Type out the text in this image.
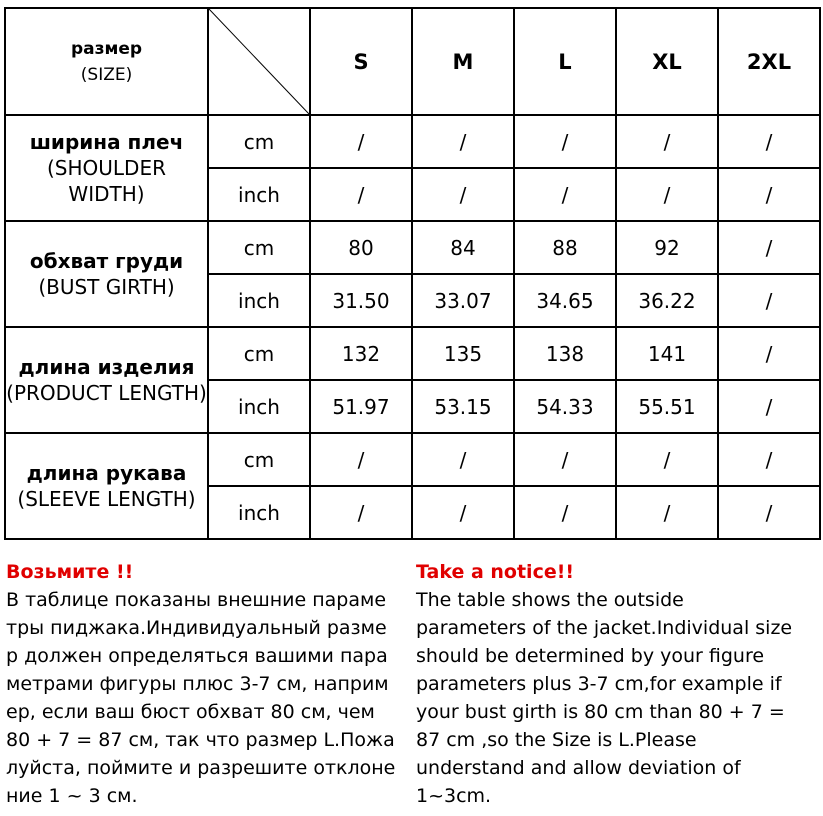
размер
(SIZE)		S	M	L	XL	2XL

ширина плеч
(SHOULDER WIDTH)	cm	/	/	/	/	/
	inch	/	/	/	/	/

обхват груди
(BUST GIRTH)	cm	80	84	88	92	/
	inch	31.50	33.07	34.65	36.22	/

длина изделия
(PRODUCT LENGTH)	cm	132	135	138	141	/
	inch	51.97	53.15	54.33	55.51	/

длина рукава
(SLEEVE LENGTH)	cm	/	/	/	/	/
	inch	/	/	/	/	/
Возьмите !!
В таблице показаны внешние параме
тры пиджака.Индивидуальный разме
р должен определяться вашими пара
метрами фигуры плюс 3-7 см, наприм
ер, если ваш бюст обхват 80 см, чем
80 + 7 = 87 см, так что размер L.Пожа
луйста, поймите и разрешите отклоне
ние 1 ~ 3 см.
Take a notice!!
The table shows the outside
parameters of the jacket.Individual size
should be determined by your figure
parameters plus 3-7 cm,for example if
your bust girth is 80 cm than 80 + 7 =
87 cm ,so the Size is L.Please
understand and allow deviation of
1~3cm.
